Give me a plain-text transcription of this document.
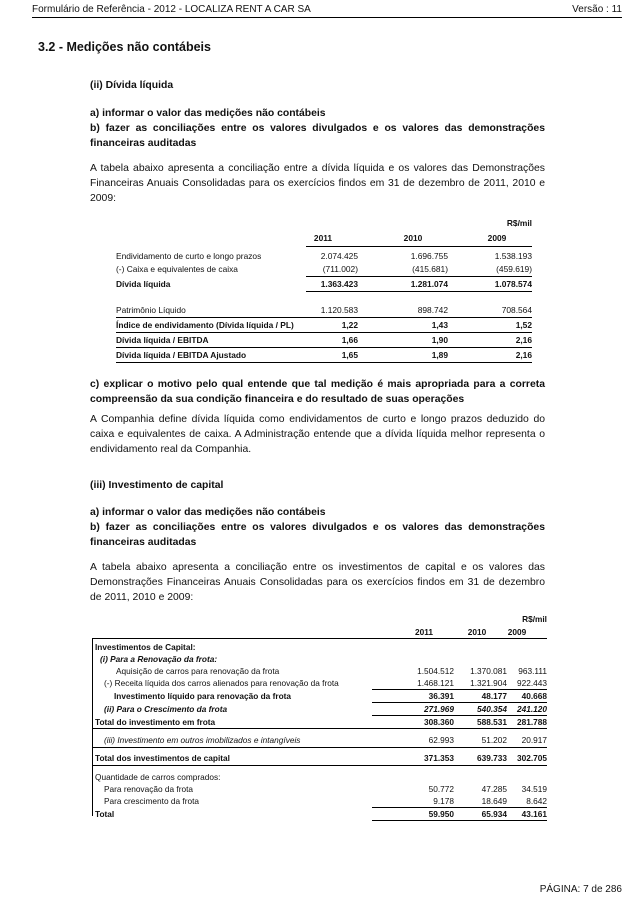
Formulário de Referência - 2012 - LOCALIZA RENT A CAR SA	Versão : 11
3.2 - Medições não contábeis
(ii) Dívida líquida
a) informar o valor das medições não contábeis
b) fazer as conciliações entre os valores divulgados e os valores das demonstrações financeiras auditadas
A tabela abaixo apresenta a conciliação entre a dívida líquida e os valores das Demonstrações Financeiras Anuais Consolidadas para os exercícios findos em 31 de dezembro de 2011, 2010 e 2009:
R$/mil
2011	2010	2009
Endividamento de curto e longo prazos	2.074.425	1.696.755	1.538.193
(-) Caixa e equivalentes de caixa	(711.002)	(415.681)	(459.619)
Dívida líquida	1.363.423	1.281.074	1.078.574
Patrimônio Líquido	1.120.583	898.742	708.564
Índice de endividamento (Dívida líquida / PL)	1,22	1,43	1,52
Dívida líquida / EBITDA	1,66	1,90	2,16
Dívida líquida / EBITDA Ajustado	1,65	1,89	2,16
c) explicar o motivo pelo qual entende que tal medição é mais apropriada para a correta compreensão da sua condição financeira e do resultado de suas operações
A Companhia define dívida líquida como endividamentos de curto e longo prazos deduzido do caixa e equivalentes de caixa. A Administração entende que a dívida líquida melhor representa o endividamento real da Companhia.
(iii) Investimento de capital
a) informar o valor das medições não contábeis
b) fazer as conciliações entre os valores divulgados e os valores das demonstrações financeiras auditadas
A tabela abaixo apresenta a conciliação entre os investimentos de capital e os valores das Demonstrações Financeiras Anuais Consolidadas para os exercícios findos em 31 de dezembro de 2011, 2010 e 2009:
R$/mil
2011	2010	2009
Investimentos de Capital:
(i) Para a Renovação da frota:
Aquisição de carros para renovação da frota	1.504.512	1.370.081	963.111
(-) Receita líquida dos carros alienados para renovação da frota	1.468.121	1.321.904	922.443
Investimento líquido para renovação da frota	36.391	48.177	40.668
(ii) Para o Crescimento da frota	271.969	540.354	241.120
Total do investimento em frota	308.360	588.531	281.788
(iii) Investimento em outros imobilizados e intangíveis	62.993	51.202	20.917
Total dos investimentos de capital	371.353	639.733	302.705
Quantidade de carros comprados:
Para renovação da frota	50.772	47.285	34.519
Para crescimento da frota	9.178	18.649	8.642
Total	59.950	65.934	43.161
PÁGINA: 7 de 286
